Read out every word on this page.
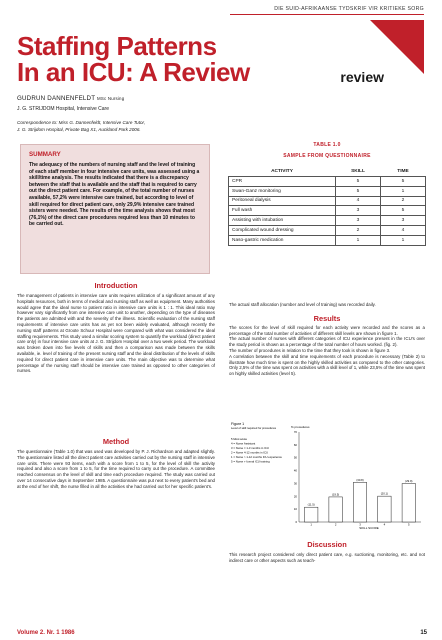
DIE SUID-AFRIKAANSE TYDSKRIF VIR KRITIEKE SORG
Staffing Patterns
In an ICU: A Review	review
GUDRUN DANNENFELDT MSc Nursing
J. G. STRIJDOM Hospital, Intensive Care
Correspondence to: Miss G. Dannenfeldt, Intensive Care Tutor,
J. G. Strijdom Hospital, Private Bag X1, Auckland Park 2006.
SUMMARY
The adequacy of the numbers of nursing staff and the level of training of each staff member in four intensive care units, was assessed using a skill/time analysis. The results indicated that there is a discrepancy between the staff that is available and the staff that is required to carry out the direct patient care. For example, of the total number of nurses available, 57,2% were intensive care trained, but according to level of skill required for direct patient care, only 29,9% intensive care trained sisters were needed. The results of the time analysis shows that most (76,1%) of the direct care procedures required less than 10 minutes to be carried out.
Introduction
The management of patients in intensive care units requires utilization of a significant amount of any hospitals resources, both in terms of medical and nursing staff as well as equipment. Many authorities would agree that the ideal nurse to patient ratio in intensive care units is 1 : 1. This ideal ratio may however vary significantly from one intensive care unit to another, depending on the type of diseases the patients are admitted with and the severity of the illness. Scientific evaluation of the nursing staff requirements of intensive care units has as yet not been widely evaluated, although recently the nursing staff patterns at Groote Schuur Hospital were compared with what was considered the ideal staffing requirements. This study used a similar scoring system to quantify the workload (direct patient care only) in four intensive care units at J. G. Strijdom Hospital over a two week period. The workload was broken down into five levels of skills and then a comparison was made between the skills available, ie. level of training of the present nursing staff and the ideal distribution of the levels of skills required for direct patient care in intensive care units. The main objective was to determine what percentage of the nursing staff should be intensive care trained as opposed to other categories of nurses.
Method
The questionnaire (Table 1.0) that was used was developed by P. J. Richardson and adapted slightly. The questionnaire listed all the direct patient care activities carried out by the nursing staff in intensive care units. There were 93 items, each with a score from 1 to 5, for the level of skill the activity required and also a score from 1 to 5, for the time required to carry out the procedure. A committee reached consensus on the level of skill and time each procedure required. The study was carried out over 14 consecutive days in September 1985. A questionnaire was put next to every patient's bed and at the end of her shift, the nurse filled in all the activities she had carried out for her specific patient's.
TABLE 1.0
SAMPLE FROM QUESTIONNAIRE
ACTIVITY	SKILL	TIME
CPR	5	5
Swan-Ganz monitoring	5	1
Peritoneal dialysis	4	2
Full wash	3	5
Assisting with intubation	3	3
Complicated wound dressing	2	4
Naso-gastric medication	1	1
The actual staff allocation (number and level of training) was recorded daily.
Results
The scores for the level of skill required for each activity were recorded and the scores as a percentage of the total number of activities of different skill levels are shown in figure 1.
The actual number of nurses with different categories of ICU experience present in the ICU's over the study period is shown as a percentage of the total number of hours worked. (fig. 2).
The number of procedures in relation to the time that they took is shown in figure 3.
A correlation between the skill and time requirements of each procedure is necessary (Table 2) to illustrate how much time is spent on the highly skilled activities as compared to the other categories. Only 2,5% of the time was spent on activities with a skill level of 1, while 23,5% of the time was spent on highly skilled activities (level 5).
Figure 1
Level of skill required for procedures
5 Most acute
4 = Nurse Assistant
3 = Nurse = 1-3 months in ICU
2 = Nurse 4-12 months in ICU
1 = Nurse > 1-12 months ICU experience
5 = Nurse + formal ICU training
% procedures
0
10
20
30
40
50
60
70
(11.5)
1
(19.5)
2
(30.8)
3
(20.1)
4
(29.9)
5
SKILL SCORE
Discussion
This research project considered only direct patient care, e.g. suctioning, monitoring, etc. and not indirect care or other aspects such as teach-
Volume 2. Nr. 1 1986	15
